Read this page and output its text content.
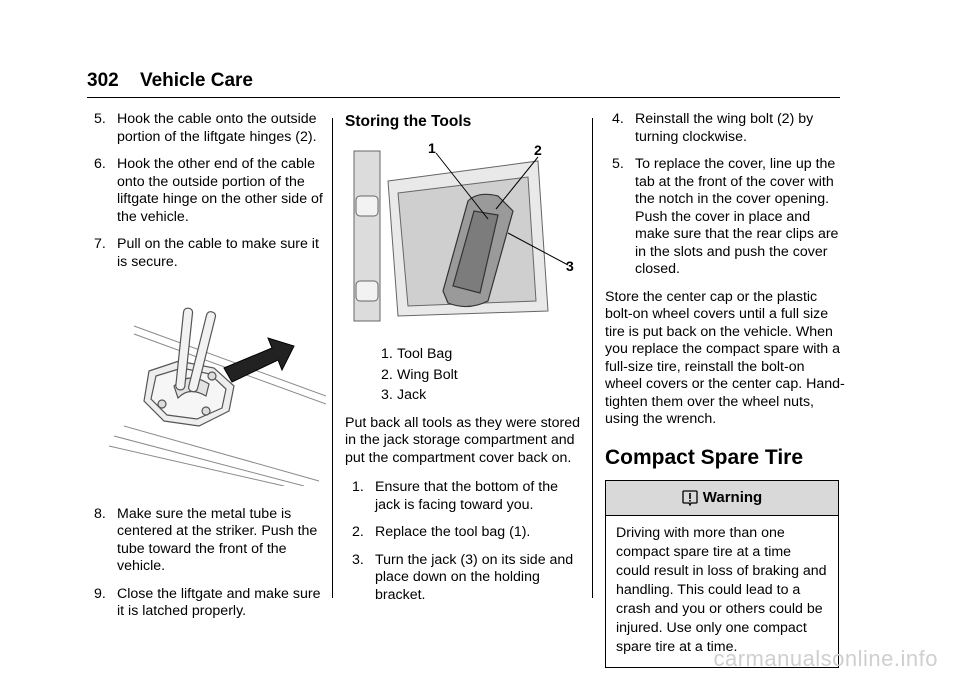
302 Vehicle Care
5. Hook the cable onto the outside portion of the liftgate hinges (2).
6. Hook the other end of the cable onto the outside portion of the liftgate hinge on the other side of the vehicle.
7. Pull on the cable to make sure it is secure.
8. Make sure the metal tube is centered at the striker. Push the tube toward the front of the vehicle.
9. Close the liftgate and make sure it is latched properly.
Storing the Tools
1	2
3
1. Tool Bag
2. Wing Bolt
3. Jack
Put back all tools as they were stored in the jack storage compartment and put the compartment cover back on.
1. Ensure that the bottom of the jack is facing toward you.
2. Replace the tool bag (1).
3. Turn the jack (3) on its side and place down on the holding bracket.
4. Reinstall the wing bolt (2) by turning clockwise.
5. To replace the cover, line up the tab at the front of the cover with the notch in the cover opening. Push the cover in place and make sure that the rear clips are in the slots and push the cover closed.
Store the center cap or the plastic bolt-on wheel covers until a full size tire is put back on the vehicle. When you replace the compact spare with a full-size tire, reinstall the bolt-on wheel covers or the center cap. Hand-tighten them over the wheel nuts, using the wrench.
Compact Spare Tire
Warning
Driving with more than one compact spare tire at a time could result in loss of braking and handling. This could lead to a crash and you or others could be injured. Use only one compact spare tire at a time.
carmanualsonline.info
